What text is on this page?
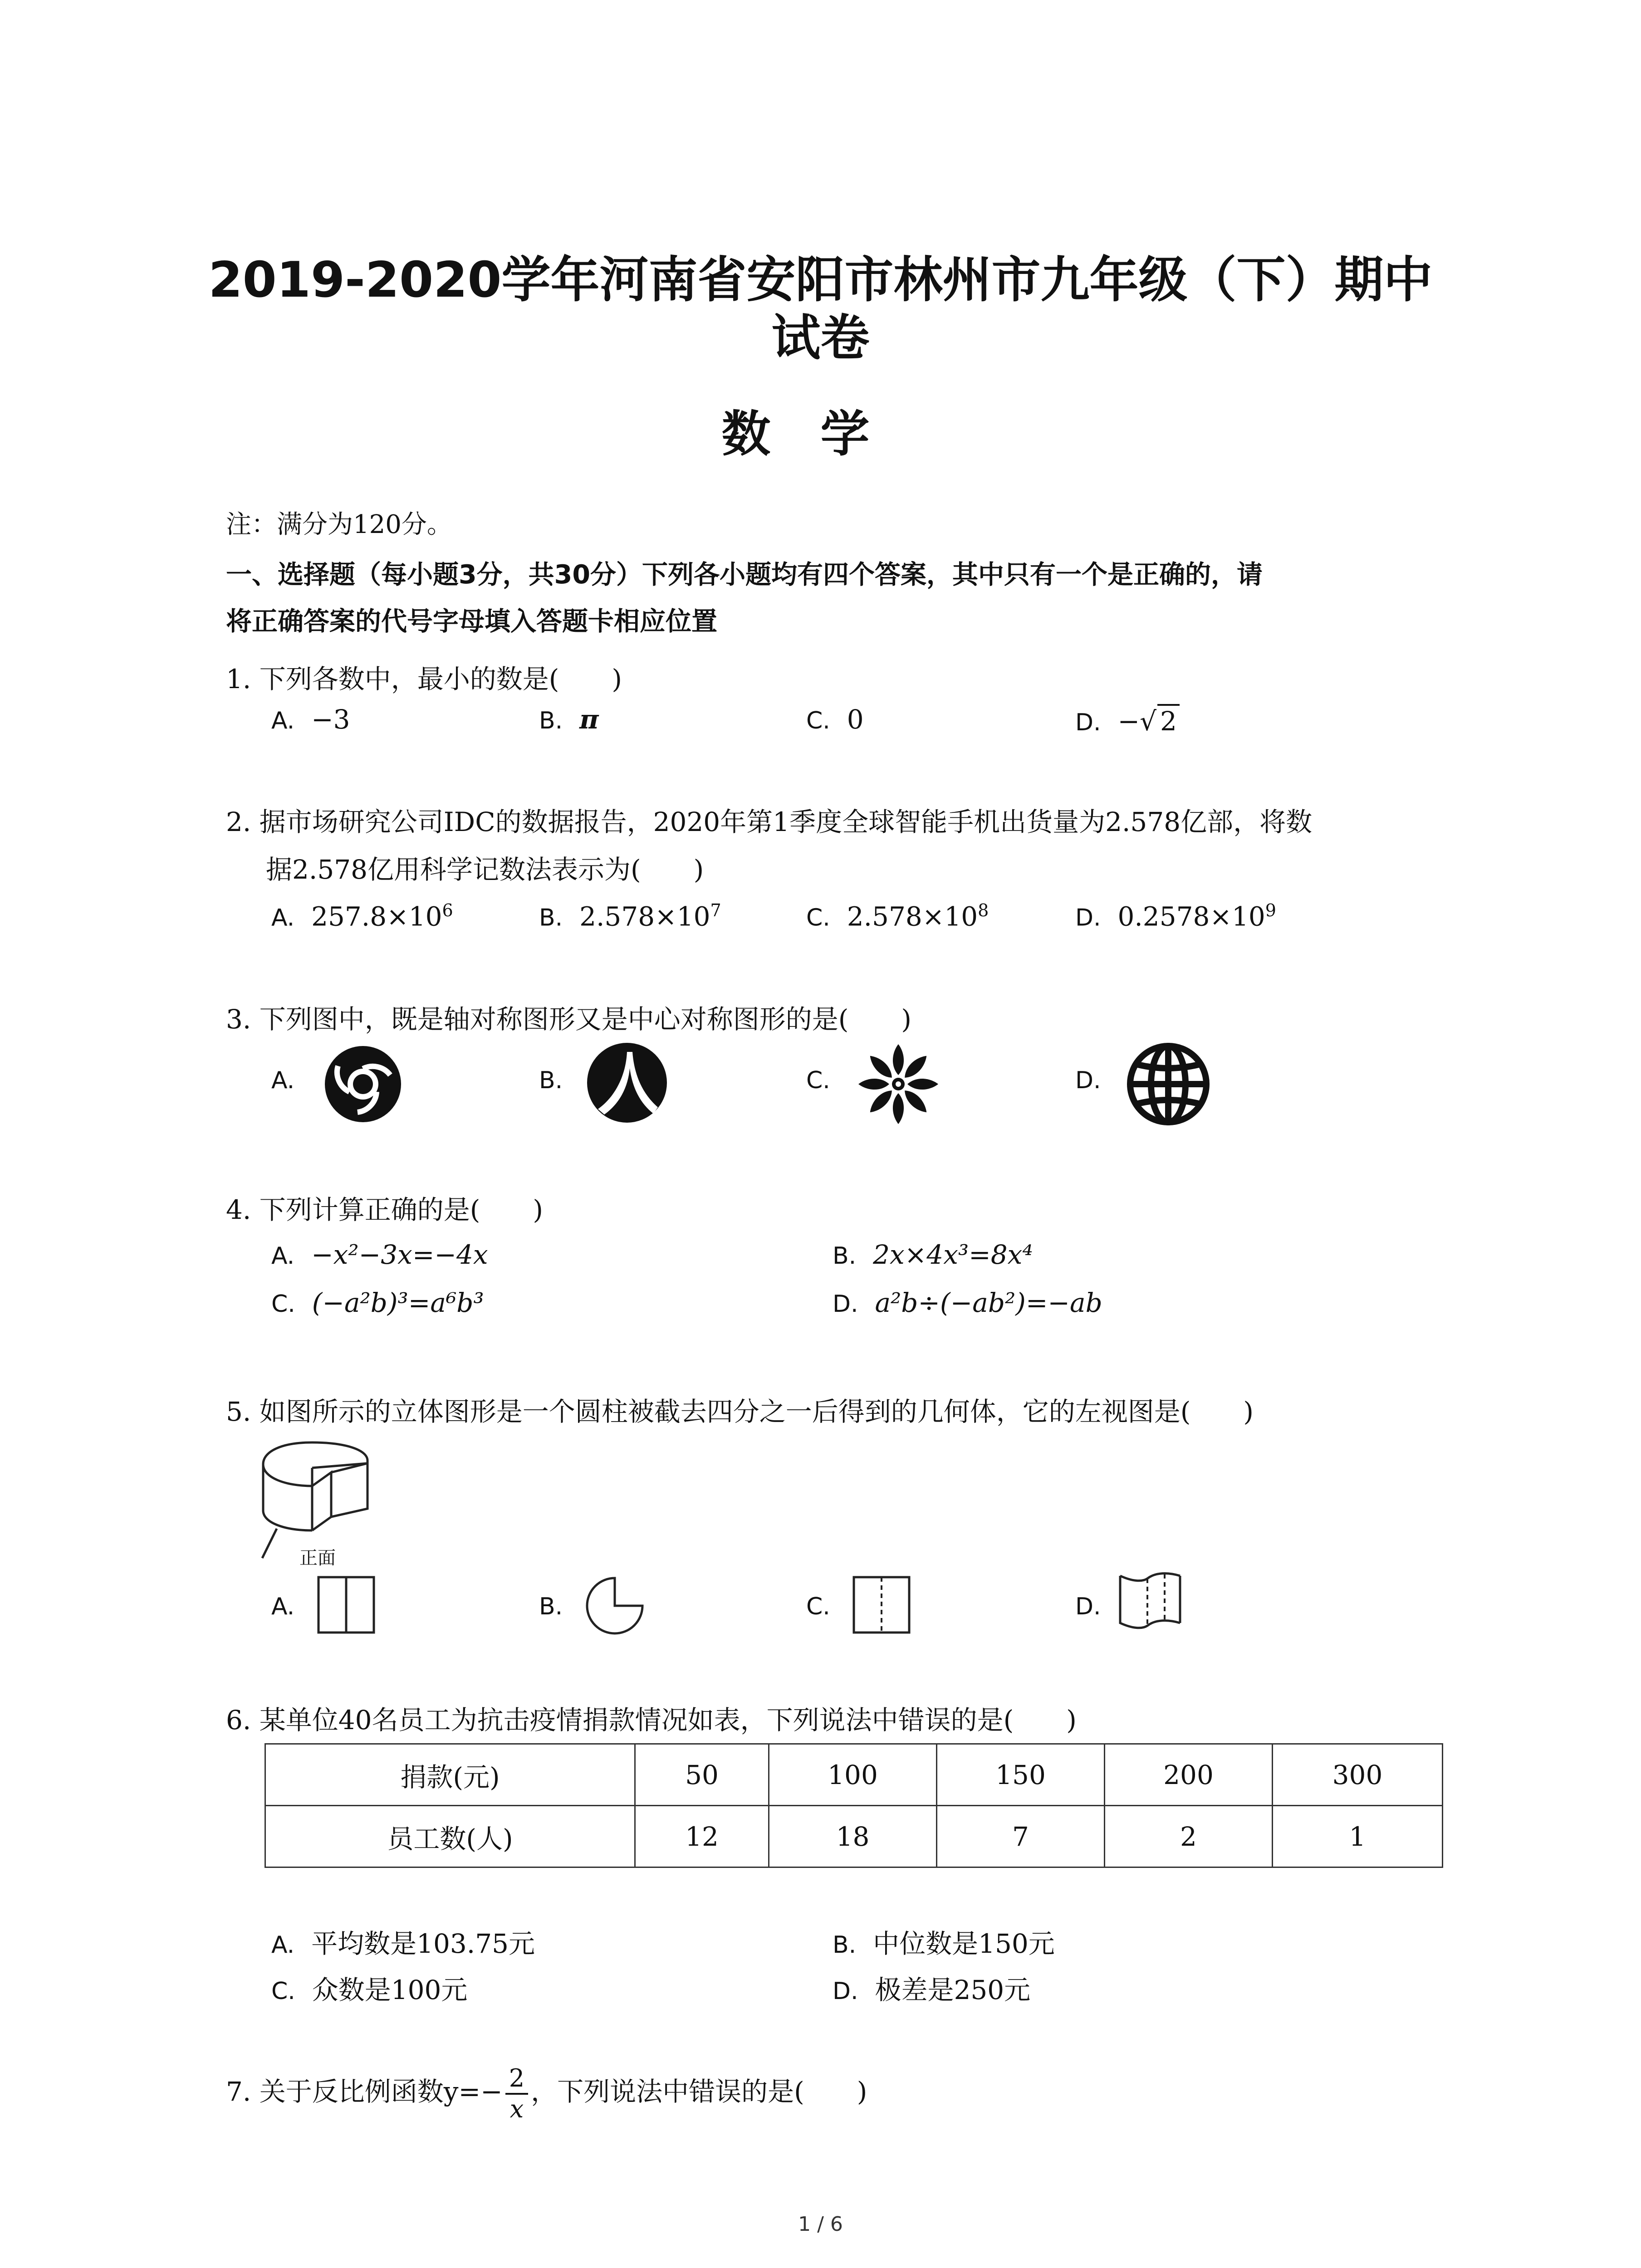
2019-2020学年河南省安阳市林州市九年级（下）期中
试卷
数学
注：满分为120分。
一、选择题（每小题3分，共30分）下列各小题均有四个答案，其中只有一个是正确的，请
将正确答案的代号字母填入答题卡相应位置
1. 下列各数中，最小的数是(　　)
A. −3	B. π	C. 0	D. −√ 2
2. 据市场研究公司IDC的数据报告，2020年第1季度全球智能手机出货量为2.578亿部，将数
据2.578亿用科学记数法表示为(　　)
A. $257.8\times 10^6$	B. $2.578\times 10^7$	C. $2.578\times 10^8$	D. $0.2578\times 10^9$
3. 下列图中，既是轴对称图形又是中心对称图形的是(　　)
A.	B.	C.	D.
4. 下列计算正确的是(　　)
A. −x²−3x=−4x	B. 2x×4x³=8x⁴
C. (−a²b)³=a⁶b³	D. a²b÷(−ab²)=−ab
5. 如图所示的立体图形是一个圆柱被截去四分之一后得到的几何体，它的左视图是(　　)
正面
A.	B.	C.	D.
6. 某单位40名员工为抗击疫情捐款情况如表，下列说法中错误的是(　　)
捐款(元)	50	100	150	200	300
员工数(人)	12	18	7	2	1
A. 平均数是103.75元	B. 中位数是150元
C. 众数是100元	D. 极差是250元
7. 关于反比例函数$y=- \frac{2}{x}$ ，下列说法中错误的是(　　)
1 / 6
